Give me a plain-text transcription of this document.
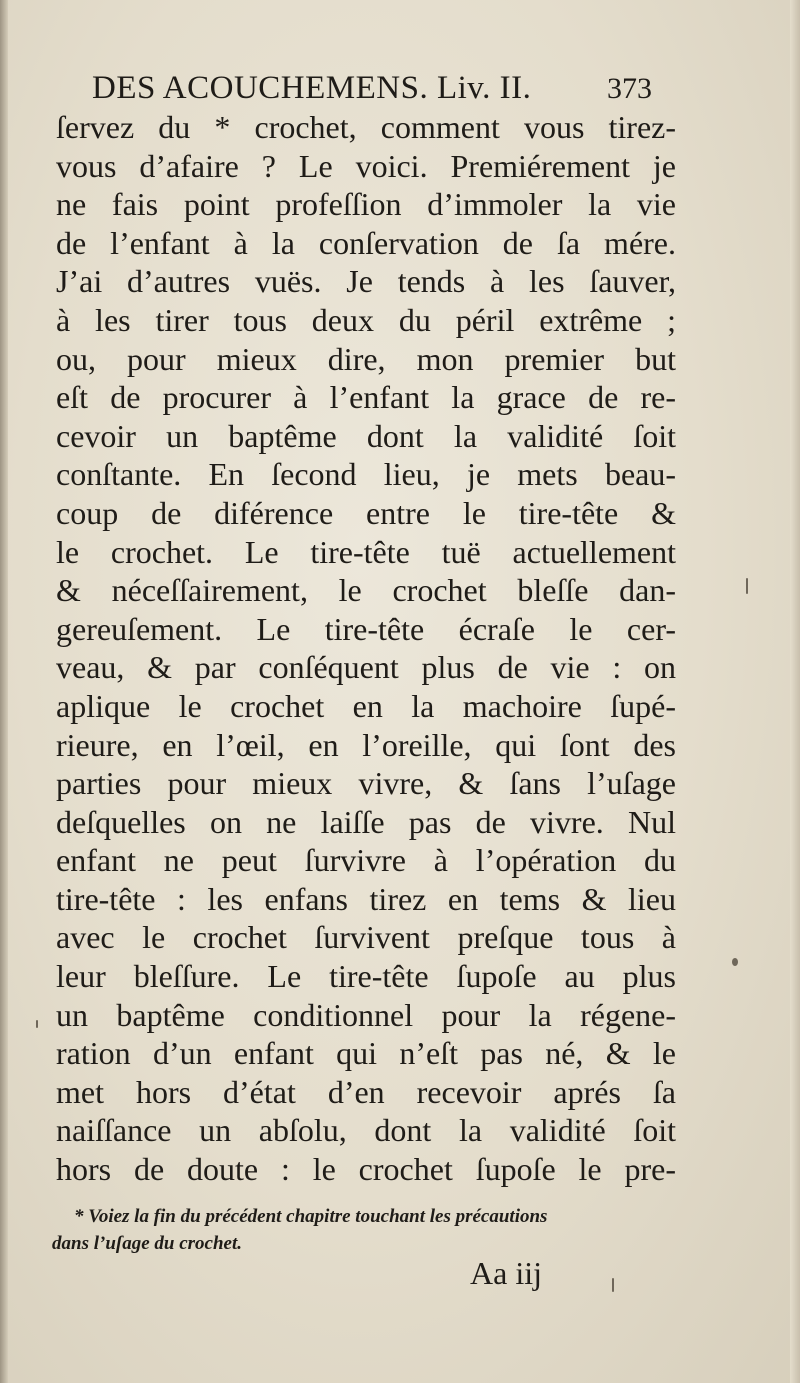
DES ACOUCHEMENS. Liv. II.	373
ſervez du * crochet, comment vous tirez-
vous d’afaire ? Le voici. Premiérement je
ne fais point profeſſion d’immoler la vie
de l’enfant à la conſervation de ſa mére.
J’ai d’autres vuës. Je tends à les ſauver,
à les tirer tous deux du péril extrême ;
ou, pour mieux dire, mon premier but
eſt de procurer à l’enfant la grace de re-
cevoir un baptême dont la validité ſoit
conſtante. En ſecond lieu, je mets beau-
coup de diférence entre le tire-tête &
le crochet. Le tire-tête tuë actuellement
& néceſſairement, le crochet bleſſe dan-
gereuſement. Le tire-tête écraſe le cer-
veau, & par conſéquent plus de vie : on
aplique le crochet en la machoire ſupé-
rieure, en l’œil, en l’oreille, qui ſont des
parties pour mieux vivre, & ſans l’uſage
deſquelles on ne laiſſe pas de vivre. Nul
enfant ne peut ſurvivre à l’opération du
tire-tête : les enfans tirez en tems & lieu
avec le crochet ſurvivent preſque tous à
leur bleſſure. Le tire-tête ſupoſe au plus
un baptême conditionnel pour la régene-
ration d’un enfant qui n’eſt pas né, & le
met hors d’état d’en recevoir aprés ſa
naiſſance un abſolu, dont la validité ſoit
hors de doute : le crochet ſupoſe le pre-
* Voiez la fin du précédent chapitre touchant les précautions
dans l’uſage du crochet.
Aa iij
